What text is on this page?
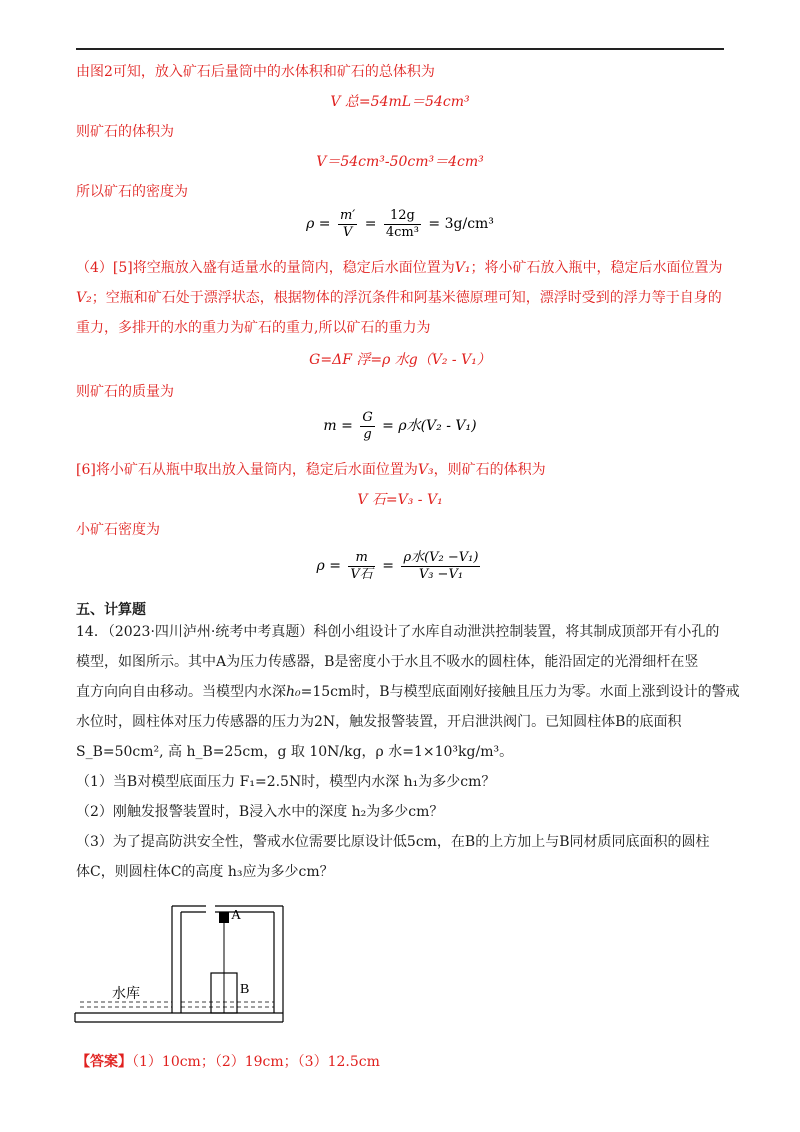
由图2可知，放入矿石后量筒中的水体积和矿石的总体积为
V 总=54mL＝54cm³
则矿石的体积为
V＝54cm³-50cm³＝4cm³
所以矿石的密度为
$\rho = \frac{m'}{V} = \frac{12g}{\text{4cm³}} = 3g/cm^3$
（4）[5]将空瓶放入盛有适量水的量筒内，稳定后水面位置为V₁；将小矿石放入瓶中，稳定后水面位置为
V₂；空瓶和矿石处于漂浮状态，根据物体的浮沉条件和阿基米德原理可知，漂浮时受到的浮力等于自身的
重力，多排开的水的重力为矿石的重力,所以矿石的重力为
G=ΔF 浮=ρ 水g（V₂ - V₁）
则矿石的质量为
$m = \frac{G}{g} = \rho$水(V₂ - V₁)
[6]将小矿石从瓶中取出放入量筒内，稳定后水面位置为V₃，则矿石的体积为
V 石=V₃ - V₁
小矿石密度为
$\rho = \frac{m}{\text{V石}} = \frac{\text{ρ水(V₂ −V₁)}}{\text{V₃ −V₁}}$
五、计算题
14．（2023·四川泸州·统考中考真题）科创小组设计了水库自动泄洪控制装置，将其制成顶部开有小孔的
模型，如图所示。其中A为压力传感器，B是密度小于水且不吸水的圆柱体，能沿固定的光滑细杆在竖
直方向向自由移动。当模型内水深h₀=15cm时，B与模型底面刚好接触且压力为零。水面上涨到设计的警戒
水位时，圆柱体对压力传感器的压力为2N，触发报警装置，开启泄洪阀门。已知圆柱体B的底面积
S_B=50cm², 高 h_B=25cm，g 取 10N/kg，ρ 水=1×10³kg/m³。
（1）当B对模型底面压力 F₁=2.5N时，模型内水深 h₁为多少cm？
（2）刚触发报警装置时，B浸入水中的深度 h₂为多少cm？
（3）为了提高防洪安全性，警戒水位需要比原设计低5cm，在B的上方加上与B同材质同底面积的圆柱
体C，则圆柱体C的高度 h₃应为多少cm？
A
B
水库
【答案】（1）10cm；（2）19cm；（3）12.5cm
